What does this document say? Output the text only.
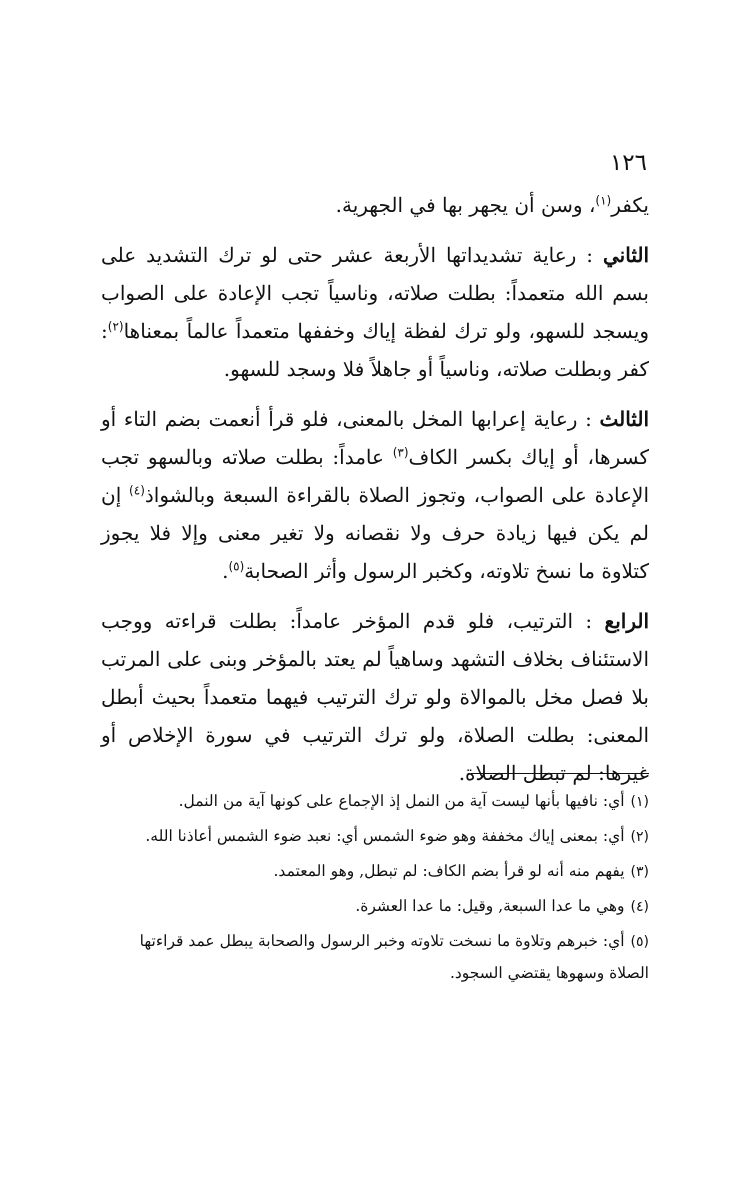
١٢٦

يكفر$^{(١)}$، وسن أن يجهر بها في الجهرية.

الثاني : رعاية تشديداتها الأربعة عشر حتى لو ترك التشديد على بسم الله متعمداً: بطلت صلاته، وناسياً تجب الإعادة على الصواب ويسجد للسهو، ولو ترك لفظة إياك وخففها متعمداً عالماً بمعناها$^{(٢)}$: كفر وبطلت صلاته، وناسياً أو جاهلاً فلا وسجد للسهو.

الثالث : رعاية إعرابها المخل بالمعنى، فلو قرأ أنعمت بضم التاء أو كسرها، أو إياك بكسر الكاف$^{(٣)}$ عامداً: بطلت صلاته وبالسهو تجب الإعادة على الصواب، وتجوز الصلاة بالقراءة السبعة وبالشواذ$^{(٤)}$ إن لم يكن فيها زيادة حرف ولا نقصانه ولا تغير معنى وإلا فلا يجوز كتلاوة ما نسخ تلاوته، وكخبر الرسول وأثر الصحابة$^{(٥)}$.

الرابع : الترتيب، فلو قدم المؤخر عامداً: بطلت قراءته ووجب الاستئناف بخلاف التشهد وساهياً لم يعتد بالمؤخر وبنى على المرتب بلا فصل مخل بالموالاة ولو ترك الترتيب فيهما متعمداً بحيث أبطل المعنى: بطلت الصلاة، ولو ترك الترتيب في سورة الإخلاص أو غيرها: لم تبطل الصلاة.

(١)أي: نافيها بأنها ليست آية من النمل إذ الإجماع على كونها آية من النمل.
(٢)أي: بمعنى إياك مخففة وهو ضوء الشمس أي: نعبد ضوء الشمس أعاذنا الله.
(٣)يفهم منه أنه لو قرأ بضم الكاف: لم تبطل, وهو المعتمد.
(٤)وهي ما عدا السبعة, وقيل: ما عدا العشرة.
(٥)أي: خبرهم وتلاوة ما نسخت تلاوته وخبر الرسول والصحابة يبطل عمد قراءتها الصلاة وسهوها يقتضي السجود.
